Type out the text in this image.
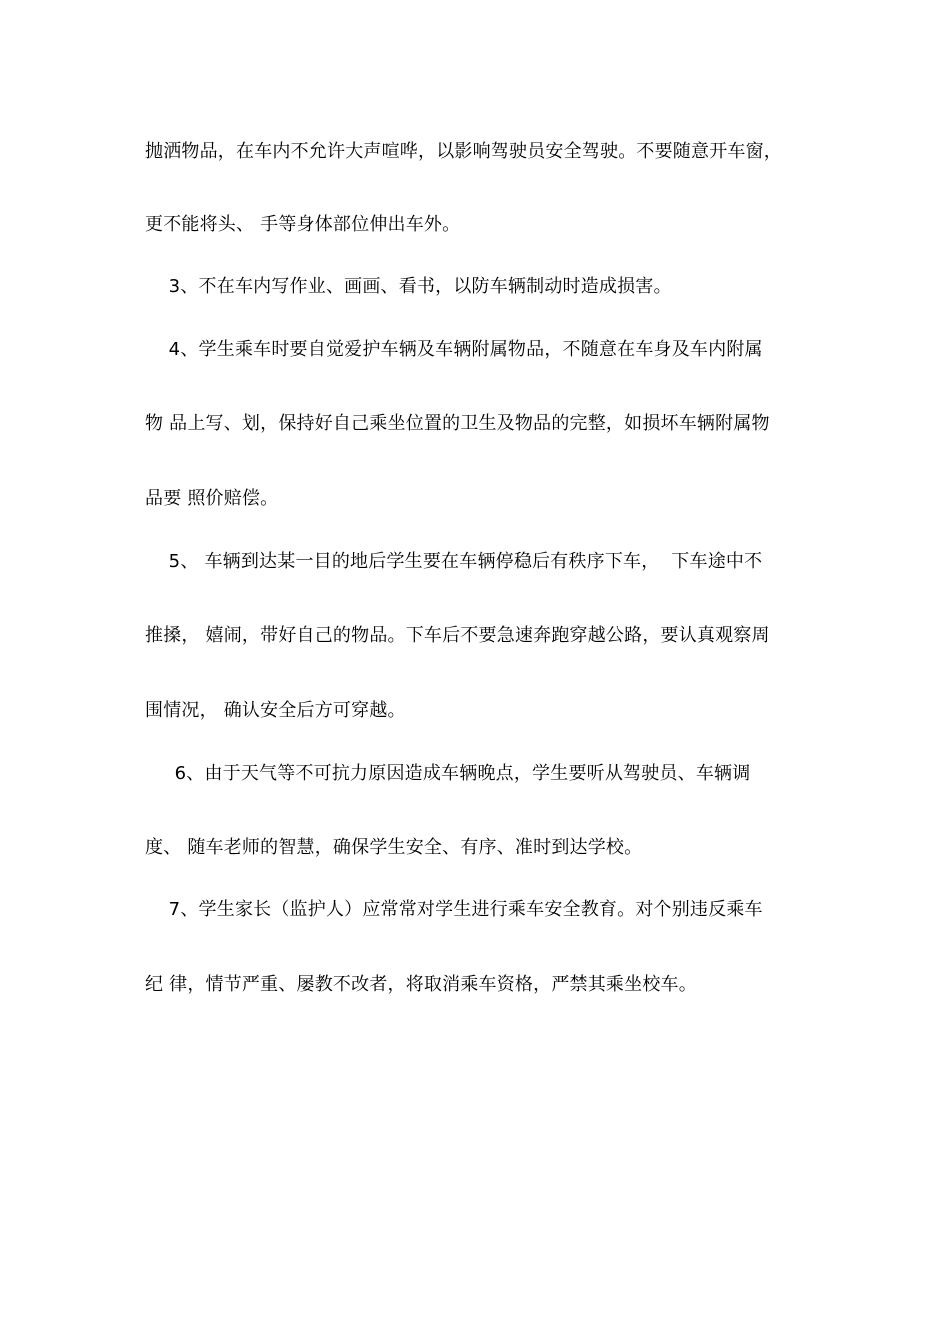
抛洒物品，在车内不允许大声喧哗，以影响驾驶员安全驾驶。不要随意开车窗，
更不能将头、 手等身体部位伸出车外。
3、不在车内写作业、画画、看书，以防车辆制动时造成损害。
4、学生乘车时要自觉爱护车辆及车辆附属物品，不随意在车身及车内附属
物 品上写、划，保持好自己乘坐位置的卫生及物品的完整，如损坏车辆附属物
品要 照价赔偿。
5、 车辆到达某一目的地后学生要在车辆停稳后有秩序下车，  下车途中不
推搡， 嬉闹，带好自己的物品。下车后不要急速奔跑穿越公路，要认真观察周
围情况， 确认安全后方可穿越。
6、由于天气等不可抗力原因造成车辆晚点，学生要听从驾驶员、车辆调
度、 随车老师的智慧，确保学生安全、有序、准时到达学校。
7、学生家长（监护人）应常常对学生进行乘车安全教育。对个别违反乘车
纪 律，情节严重、屡教不改者，将取消乘车资格，严禁其乘坐校车。
